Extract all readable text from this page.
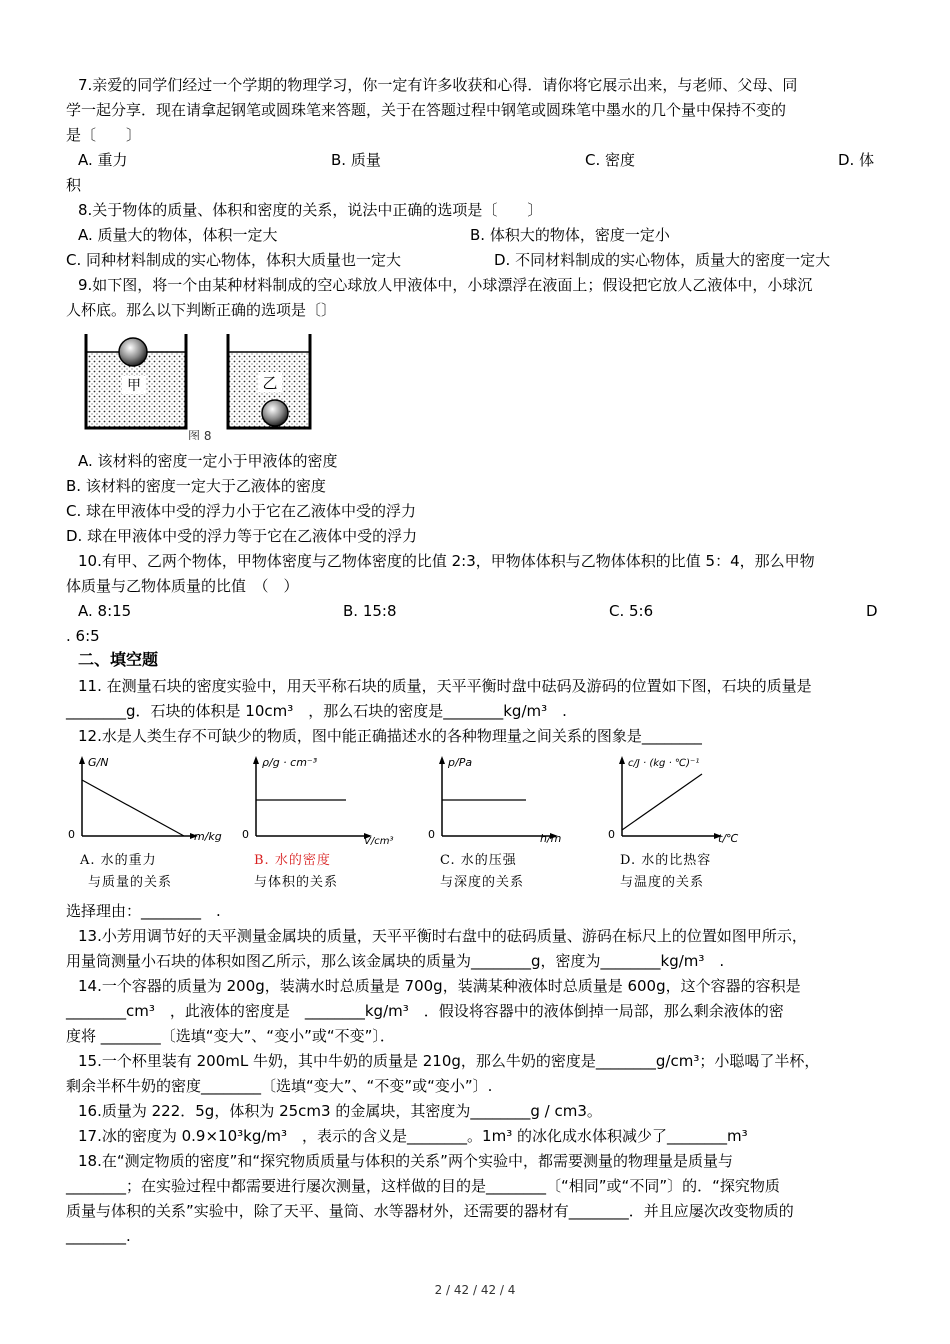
7.亲爱的同学们经过一个学期的物理学习，你一定有许多收获和心得．请你将它展示出来，与老师、父母、同
学一起分享．现在请拿起钢笔或圆珠笔来答题，关于在答题过程中钢笔或圆珠笔中墨水的几个量中保持不变的
是〔　　〕
A. 重力	B. 质量	C. 密度	D. 体
积
8.关于物体的质量、体积和密度的关系，说法中正确的选项是〔　　〕
A. 质量大的物体，体积一定大	B. 体积大的物体，密度一定小
C. 同种材料制成的实心物体，体积大质量也一定大	D. 不同材料制成的实心物体，质量大的密度一定大
9.如下图，将一个由某种材料制成的空心球放人甲液体中，小球漂浮在液面上；假设把它放人乙液体中，小球沉
人杯底。那么以下判断正确的选项是〔〕
甲	乙
图 8
A. 该材料的密度一定小于甲液体的密度
B. 该材料的密度一定大于乙液体的密度
C. 球在甲液体中受的浮力小于它在乙液体中受的浮力
D. 球在甲液体中受的浮力等于它在乙液体中受的浮力
10.有甲、乙两个物体，甲物体密度与乙物体密度的比值 2:3，甲物体体积与乙物体体积的比值 5：4，那么甲物
体质量与乙物体质量的比值　（　）
A. 8:15	B. 15:8	C. 5:6	D
. 6:5
二、填空题
11. 在测量石块的密度实验中，用天平称石块的质量，天平平衡时盘中砝码及游码的位置如下图，石块的质量是
________g．石块的体积是 10cm³　，那么石块的密度是________kg/m³　.
12.水是人类生存不可缺少的物质，图中能正确描述水的各种物理量之间关系的图象是________
G/N
m/kg
0
A. 水的重力
与质量的关系
ρ/g · cm⁻³
V/cm³
0
B. 水的密度
与体积的关系
p/Pa
h/m
0
C. 水的压强
与深度的关系
c/J · (kg · ℃)⁻¹
t/℃
0
D. 水的比热容
与温度的关系
选择理由：________　.
13.小芳用调节好的天平测量金属块的质量，天平平衡时右盘中的砝码质量、游码在标尺上的位置如图甲所示，
用量筒测量小石块的体积如图乙所示，那么该金属块的质量为________g，密度为________kg/m³　.
14.一个容器的质量为 200g，装满水时总质量是 700g，装满某种液体时总质量是 600g，这个容器的容积是
________cm³　，此液体的密度是　________kg/m³　．假设将容器中的液体倒掉一局部，那么剩余液体的密
度将 ________〔选填“变大”、“变小”或“不变”〕．
15.一个杯里装有 200mL 牛奶，其中牛奶的质量是 210g，那么牛奶的密度是________g/cm³；小聪喝了半杯，
剩余半杯牛奶的密度________〔选填“变大”、“不变”或“变小”〕.
16.质量为 222．5g，体积为 25cm3 的金属块，其密度为________g / cm3。
17.冰的密度为 0.9×10³kg/m³　，表示的含义是________。1m³ 的冰化成水体积减少了________m³
18.在“测定物质的密度”和“探究物质质量与体积的关系”两个实验中，都需要测量的物理量是质量与
________；在实验过程中都需要进行屡次测量，这样做的目的是________〔“相同”或“不同”〕的．“探究物质
质量与体积的关系”实验中，除了天平、量筒、水等器材外，还需要的器材有________．并且应屡次改变物质的
________.
2 / 42 / 42 / 4
